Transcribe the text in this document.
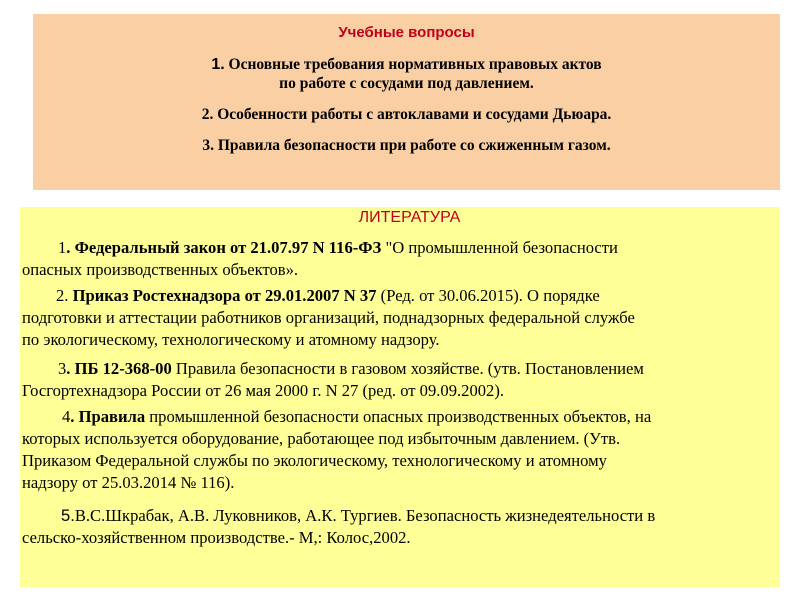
Учебные вопросы
1. Основные требования нормативных правовых актов
по работе с сосудами под давлением.
2. Особенности работы с автоклавами и сосудами Дьюара.
3. Правила безопасности при работе со сжиженным газом.
ЛИТЕРАТУРА

1. Федеральный закон от 21.07.97 N 116-ФЗ "О промышленной безопасности

опасных производственных объектов».

2. Приказ Ростехнадзора от 29.01.2007 N 37 (Ред. от 30.06.2015). О порядке

подготовки и аттестации работников организаций, поднадзорных федеральной службе

по экологическому, технологическому и атомному надзору.

3. ПБ 12-368-00 Правила безопасности в газовом хозяйстве. (утв. Постановлением

Госгортехнадзора России от 26 мая 2000 г. N 27 (ред. от 09.09.2002).

4. Правила промышленной безопасности опасных производственных объектов, на

которых используется оборудование, работающее под избыточным давлением. (Утв.

Приказом Федеральной службы по экологическому, технологическому и атомному

надзору от 25.03.2014 № 116).

5.В.С.Шкрабак, А.В. Луковников, А.К. Тургиев. Безопасность жизнедеятельности в

сельско-хозяйственном производстве.- М,: Колос,2002.
